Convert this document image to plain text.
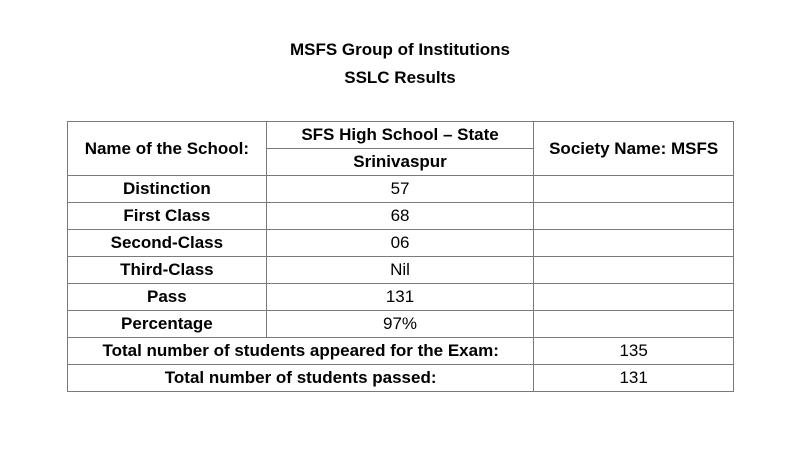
MSFS Group of Institutions
SSLC Results
Name of the School:	SFS High School – State	Society Name: MSFS
	Srinivaspur	
Distinction	57	
First Class	68	
Second-Class	06	
Third-Class	Nil	
Pass	131	
Percentage	97%	
Total number of students appeared for the Exam:		135
Total number of students passed:		131
